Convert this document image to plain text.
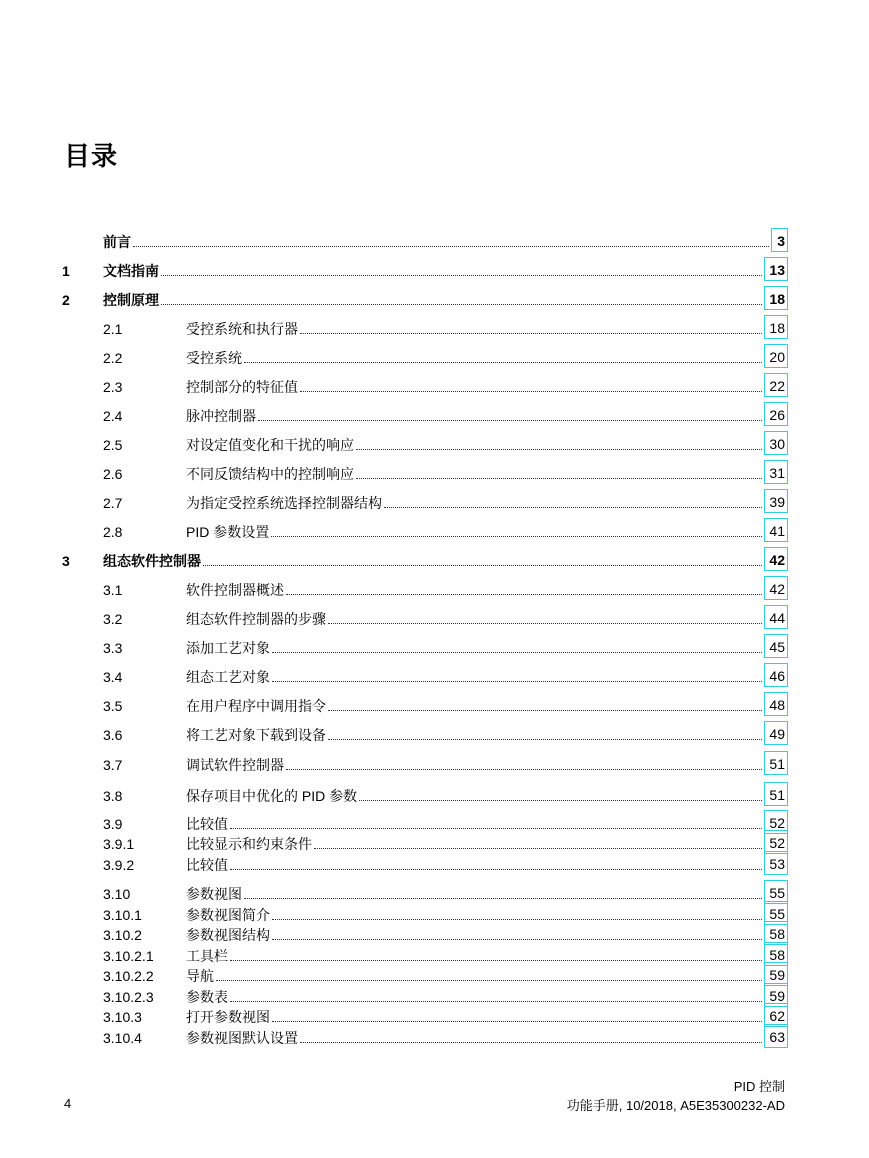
目录
前言	3
1 文档指南	13
2 控制原理	18
2.1	受控系统和执行器	18
2.2	受控系统	20
2.3	控制部分的特征值	22
2.4	脉冲控制器	26
2.5	对设定值变化和干扰的响应	30
2.6	不同反馈结构中的控制响应	31
2.7	为指定受控系统选择控制器结构	39
2.8	PID 参数设置	41
3 组态软件控制器	42
3.1	软件控制器概述	42
3.2	组态软件控制器的步骤	44
3.3	添加工艺对象	45
3.4	组态工艺对象	46
3.5	在用户程序中调用指令	48
3.6	将工艺对象下载到设备	49
3.7	调试软件控制器	51
3.8	保存项目中优化的 PID 参数	51
3.9	比较值	52
3.9.1	比较显示和约束条件	52
3.9.2	比较值	53
3.10	参数视图	55
3.10.1	参数视图简介	55
3.10.2	参数视图结构	58
3.10.2.1 工具栏	58
3.10.2.2 导航	59
3.10.2.3 参数表	59
3.10.3	打开参数视图	62
3.10.4	参数视图默认设置	63
PID 控制
功能手册, 10/2018, A5E35300232-AD
4
